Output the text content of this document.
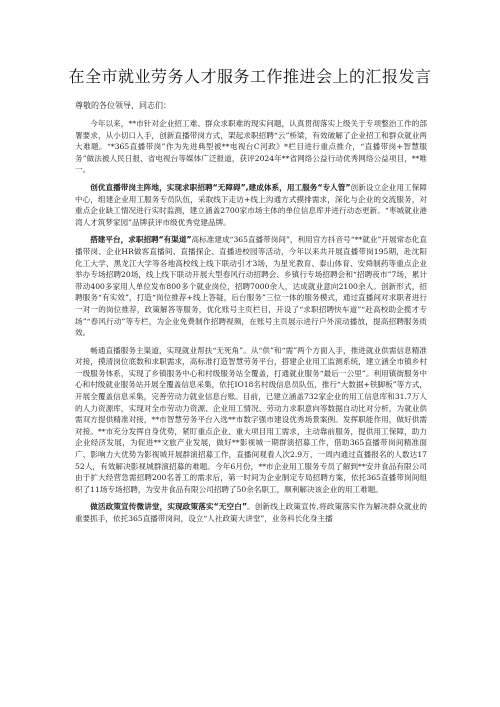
在全市就业劳务人才服务工作推进会上的汇报发言

尊敬的各位领导，同志们：

今年以来，**市针对企业招工难、群众求职难的现实问题，认真贯彻落实上级关于专项整治工作的部署要求，从小切口入手，创新直播带岗方式，架起求职招聘“云”桥梁，有效破解了企业招工和群众就业两大难题。“*365直播带岗”作为先进典型被**电视台C河政》*栏目进行重点推介，“直播带岗+智慧服务”做法被人民日报、省电视台等媒体广泛报道，获评2024年**省网络公益行动优秀网络公益项目，**唯一。

创优直播带岗主阵地，实现求职招聘“无障碍”,建成体系，用工服务“专人管”创新设立企业用工保障中心，组建企业用工服务专员队伍，采取线下走访+线上沟通方式摸排需求，深化与企业的交流服务，对重点企业缺工情况进行实时监测，建立涵盖2700家市场主体的单位信息库并进行动态更新。“枣城就业港湾人才筑梦家园”品牌获评市级优秀党建品牌。

搭建平台，求职招聘“有渠道”高标准建成“365直播带岗间”，利用官方抖音号“**就业”开展常态化直播带岗、企业HR做客直播间、直播探企、直播进校园等活动，今年以来共开展直播带岗195期，赴沈阳化工大学、黑龙江大学等各地高校线上线下联动引才3场，为星光教育、泰山体育、安舜制药等重点企业举办专场招聘20场，线上线下联动开展大型春风行动招聘会、乡镇行专场招聘会和“招聘夜市”7场，累计带动400多家用人单位发布800多个就业岗位，招聘7000余人，达成就业意向2100余人。创新形式，招聘服务“有实效”，打造“岗位推荐+线上答疑，后台服务”三位一体的服务模式，通过直播间对求职者进行一对一的岗位推荐，政策解答等服务，优化账号主页栏目，开设了“求职招聘快车道”“赴高校助企揽才专场”“春风行动”等专栏，为企业免费制作招聘视频，在账号主页展示进行户外滚动播放，提高招聘服务质效。

畅通直播服务主渠道，实现就业帮扶“无死角”。从“供”和“需”两个方面入手，推进就业供需信息精准对接，摸清岗位底数和求职需求，高标准打造智慧劳务平台，搭建企业用工监测系统，建立涵全市镇乡村一级服务体系，实现了乡镇服务中心和村级服务站全覆盖，打通就业服务“最后一公里”。利用镇街服务中心和村级就业服务站开展全覆盖信息采集，依托IO18名村级信息员队伍，推行“大数据+铁脚板”等方式，开展全覆盖信息采集，完善劳动力就业信息台账。目前，已建立涵盖732家企业的用工信息库和31.7万人的人力资源库，实现对全市劳动力资源、企业用工情况、劳动力求职意向等数据自动比对分析，为就业供需双方提供精准对接，**市智慧劳务平台入选**市数字强市建设优秀场景案例。发挥职能作用，做好供需对接。**市充分发挥自身优势，紧盯重点企业、重大项目用工需求，主动靠前服务，提供用工保障，助力企业经济发展，为促进**文旅产业发展，做好**影视城一期群演招募工作，借助365直播带岗间精准面广、影响力大优势为影视城开展群演招募工作，直播间观看人次2.9万，一周内通过直播报名的人数达1752人，有效解决影视城群演招募的难题。今年6月份，**市企业用工服务专员了解到**安井食品有限公司由于扩大经营急需招聘200名普工的需求后，第一时间为企业制定专局招聘方案，依托365直播带岗间组织了11场专场招聘，为安井食品有限公司招聘了50余名职工，顺利解决该企业的用工难题。

做活政策宣传微讲堂，实现政策落实“无空白”。创新线上政策宣传,将政策落实作为解决群众就业的重要抓手，依托365直播带岗间，设立“人社政策大讲堂”，业务科长化身主播
